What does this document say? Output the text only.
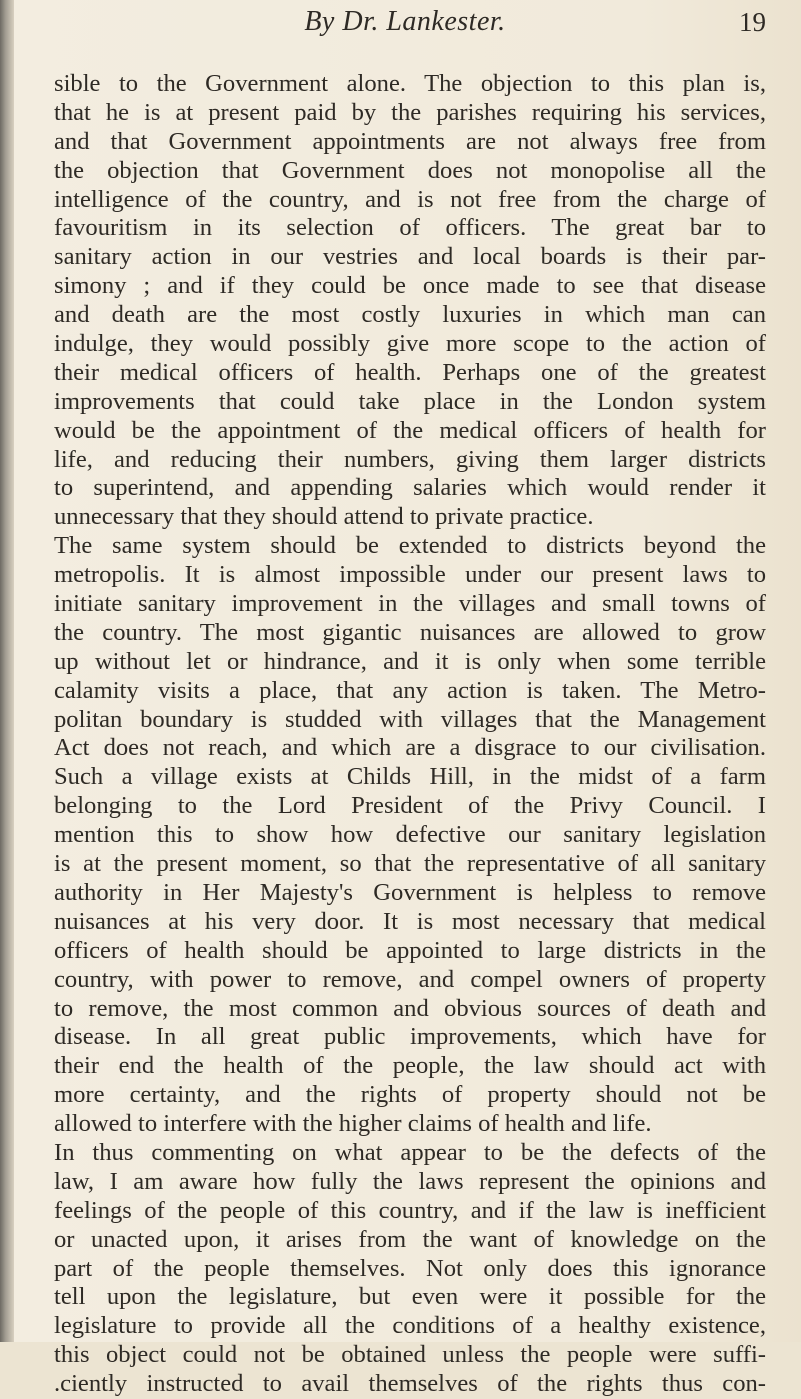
By Dr. Lankester.	19
sible to the Government alone. The objection to this plan is,
that he is at present paid by the parishes requiring his services,
and that Government appointments are not always free from
the objection that Government does not monopolise all the
intelligence of the country, and is not free from the charge of
favouritism in its selection of officers. The great bar to
sanitary action in our vestries and local boards is their par-
simony ; and if they could be once made to see that disease
and death are the most costly luxuries in which man can
indulge, they would possibly give more scope to the action of
their medical officers of health. Perhaps one of the greatest
improvements that could take place in the London system
would be the appointment of the medical officers of health for
life, and reducing their numbers, giving them larger districts
to superintend, and appending salaries which would render it
unnecessary that they should attend to private practice.
The same system should be extended to districts beyond the
metropolis. It is almost impossible under our present laws to
initiate sanitary improvement in the villages and small towns of
the country. The most gigantic nuisances are allowed to grow
up without let or hindrance, and it is only when some terrible
calamity visits a place, that any action is taken. The Metro-
politan boundary is studded with villages that the Management
Act does not reach, and which are a disgrace to our civilisation.
Such a village exists at Childs Hill, in the midst of a farm
belonging to the Lord President of the Privy Council. I
mention this to show how defective our sanitary legislation
is at the present moment, so that the representative of all sanitary
authority in Her Majesty's Government is helpless to remove
nuisances at his very door. It is most necessary that medical
officers of health should be appointed to large districts in the
country, with power to remove, and compel owners of property
to remove, the most common and obvious sources of death and
disease. In all great public improvements, which have for
their end the health of the people, the law should act with
more certainty, and the rights of property should not be
allowed to interfere with the higher claims of health and life.
In thus commenting on what appear to be the defects of the
law, I am aware how fully the laws represent the opinions and
feelings of the people of this country, and if the law is inefficient
or unacted upon, it arises from the want of knowledge on the
part of the people themselves. Not only does this ignorance
tell upon the legislature, but even were it possible for the
legislature to provide all the conditions of a healthy existence,
this object could not be obtained unless the people were suffi-
.ciently instructed to avail themselves of the rights thus con-
